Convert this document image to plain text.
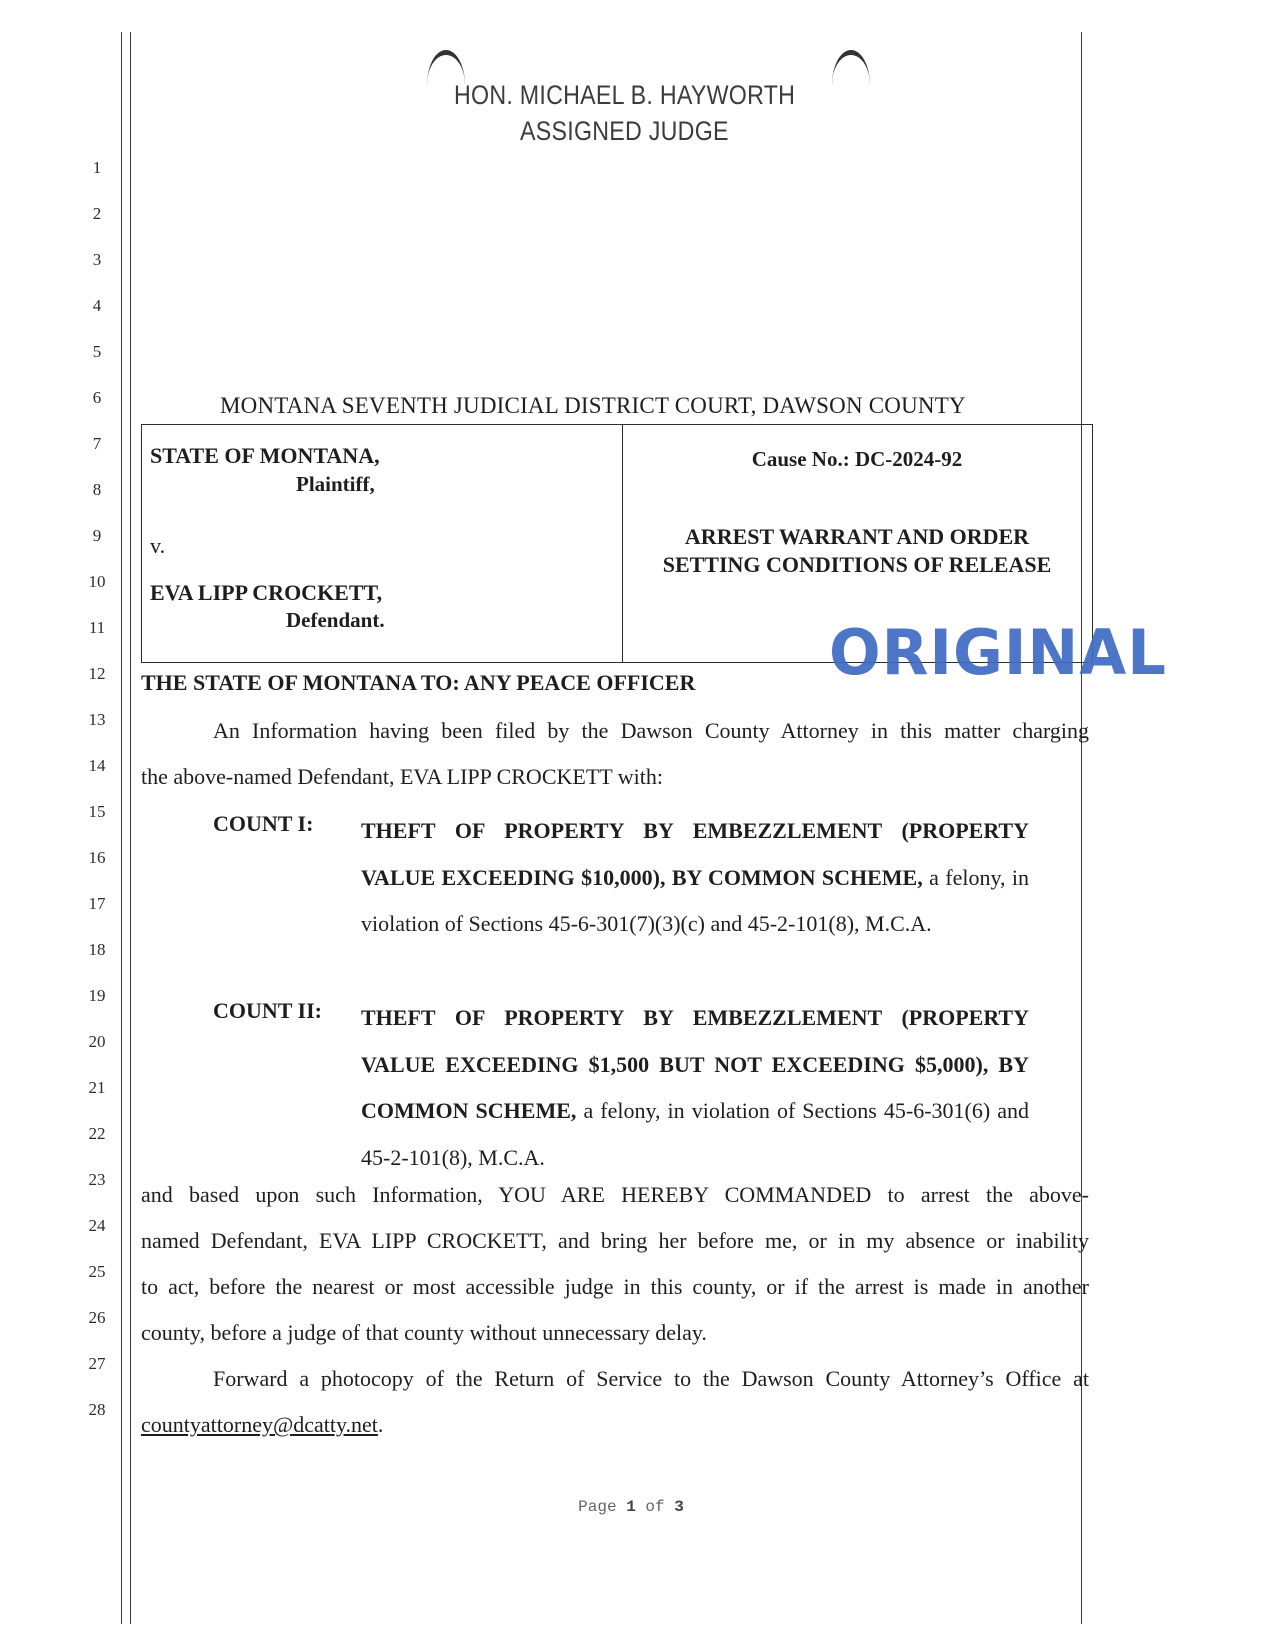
HON. MICHAEL B. HAYWORTH
ASSIGNED JUDGE
1
2
3
4
5
6
7
8
9
10
11
12
13
14
15
16
17
18
19
20
21
22
23
24
25
26
27
28
MONTANA SEVENTH JUDICIAL DISTRICT COURT, DAWSON COUNTY
STATE OF MONTANA,
Plaintiff,
v.
EVA LIPP CROCKETT,
Defendant.
Cause No.: DC-2024-92
ARREST WARRANT AND ORDER
SETTING CONDITIONS OF RELEASE
ORIGINAL
THE STATE OF MONTANA TO: ANY PEACE OFFICER
An Information having been filed by the Dawson County Attorney in this matter charging
the above-named Defendant, EVA LIPP CROCKETT with:
COUNT I: THEFT OF PROPERTY BY EMBEZZLEMENT (PROPERTY VALUE EXCEEDING $10,000), BY COMMON SCHEME, a felony, in violation of Sections 45-6-301(7)(3)(c) and 45-2-101(8), M.C.A.
COUNT II: THEFT OF PROPERTY BY EMBEZZLEMENT (PROPERTY VALUE EXCEEDING $1,500 BUT NOT EXCEEDING $5,000), BY COMMON SCHEME, a felony, in violation of Sections 45-6-301(6) and 45-2-101(8), M.C.A.
and based upon such Information, YOU ARE HEREBY COMMANDED to arrest the above-
named Defendant, EVA LIPP CROCKETT, and bring her before me, or in my absence or inability
to act, before the nearest or most accessible judge in this county, or if the arrest is made in another
county, before a judge of that county without unnecessary delay.
Forward a photocopy of the Return of Service to the Dawson County Attorney’s Office at
countyattorney@dcatty.net.
Page 1 of 3
